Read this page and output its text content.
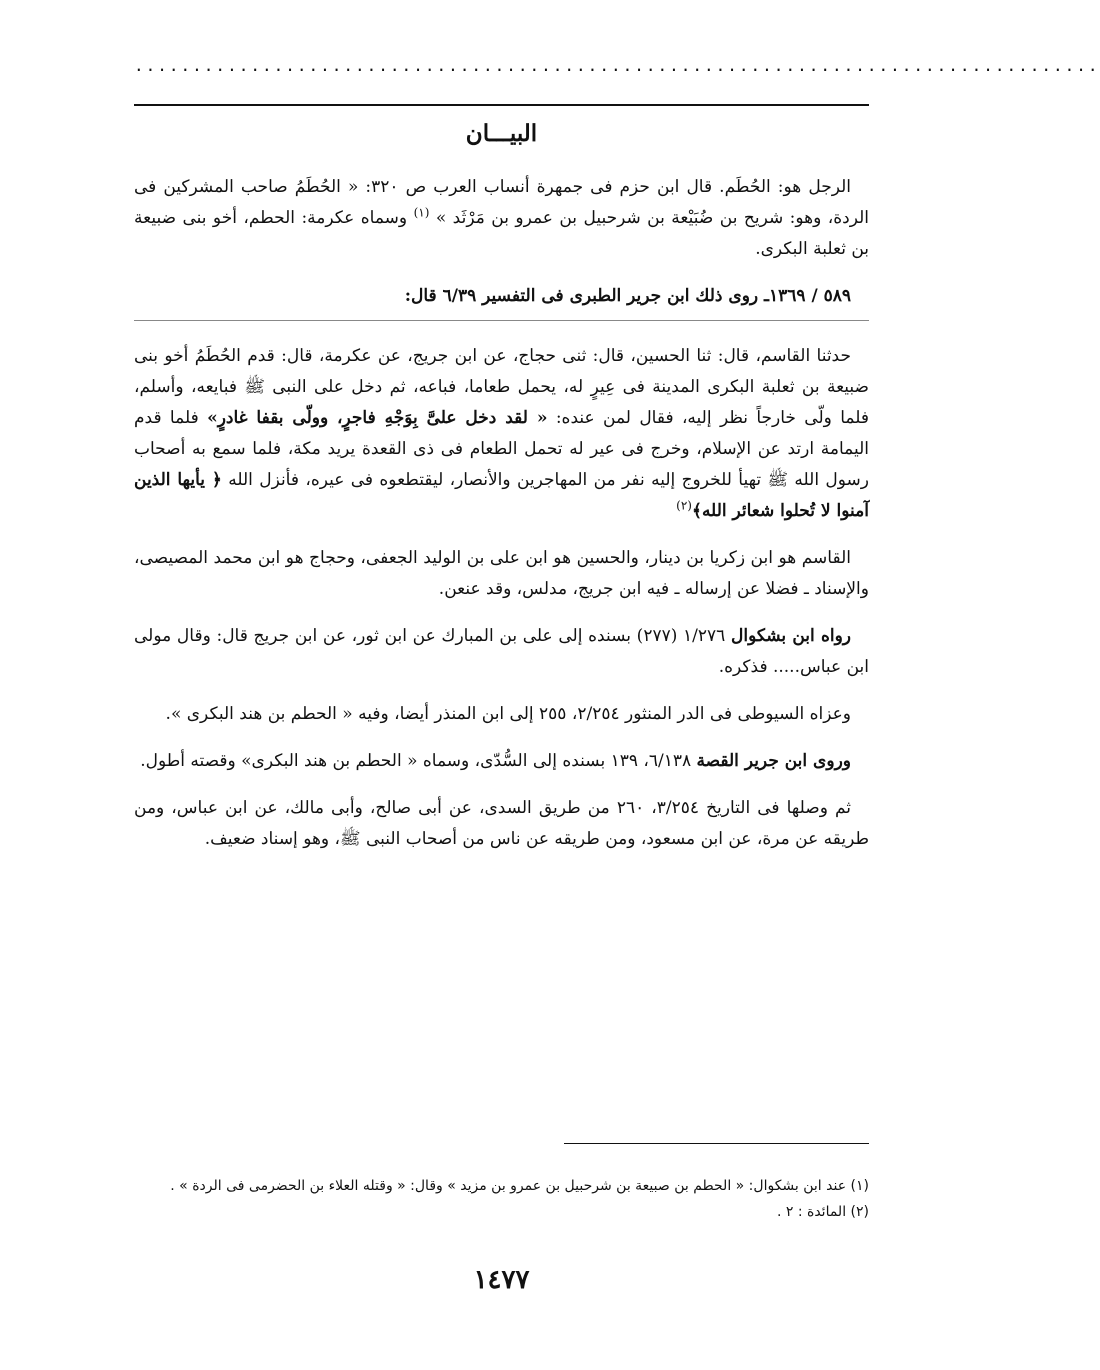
...................................................................................
البيـــان

الرجل هو: الحُطَم. قال ابن حزم فى جمهرة أنساب العرب ص ٣٢٠: « الحُطَمُ صاحب المشركين فى الردة، وهو: شريح بن ضُبَيْعة بن شرحبيل بن عمرو بن مَرْثَد » $^{(١)}$ وسماه عكرمة: الحطم، أخو بنى ضبيعة بن ثعلبة البكرى.

٥٨٩ / ١٣٦٩ـ روى ذلك ابن جرير الطبرى فى التفسير ٦/٣٩ قال:

حدثنا القاسم، قال: ثنا الحسين، قال: ثنى حجاج، عن ابن جريج، عن عكرمة، قال: قدم الحُطَمُ أخو بنى ضبيعة بن ثعلبة البكرى المدينة فى عِيرٍ له، يحمل طعاما، فباعه، ثم دخل على النبى ﷺ فبايعه، وأسلم، فلما ولّى خارجاً نظر إليه، فقال لمن عنده: « لقد دخل علىَّ بِوَجْهِ فاجرٍ، وولّى بقفا غادرٍ» فلما قدم اليمامة ارتد عن الإسلام، وخرج فى عير له تحمل الطعام فى ذى القعدة يريد مكة، فلما سمع به أصحاب رسول الله ﷺ تهيأ للخروج إليه نفر من المهاجرين والأنصار، ليقتطعوه فى عيره، فأنزل الله ﴿ يأيها الذين آمنوا لا تُحلوا شعائر الله﴾$^{(٢)}$

القاسم هو ابن زكريا بن دينار، والحسين هو ابن على بن الوليد الجعفى، وحجاج هو ابن محمد المصيصى، والإسناد ـ فضلا عن إرساله ـ فيه ابن جريج، مدلس، وقد عنعن.

رواه ابن بشكوال ١/٢٧٦ (٢٧٧) بسنده إلى على بن المبارك عن ابن ثور، عن ابن جريج قال: وقال مولى ابن عباس..... فذكره.

وعزاه السيوطى فى الدر المنثور ٢/٢٥٤، ٢٥٥ إلى ابن المنذر أيضا، وفيه « الحطم بن هند البكرى ».

وروى ابن جرير القصة ٦/١٣٨، ١٣٩ بسنده إلى السُّدّى، وسماه « الحطم بن هند البكرى» وقصته أطول.

ثم وصلها فى التاريخ ٣/٢٥٤، ٢٦٠ من طريق السدى، عن أبى صالح، وأبى مالك، عن ابن عباس، ومن طريقه عن مرة، عن ابن مسعود، ومن طريقه عن ناس من أصحاب النبى ﷺ، وهو إسناد ضعيف.

(١) عند ابن بشكوال: « الحطم بن صبيعة بن شرحبيل بن عمرو بن مزيد » وقال: « وقتله العلاء بن الحضرمى فى الردة » .
(٢) المائدة : ٢ .
١٤٧٧
